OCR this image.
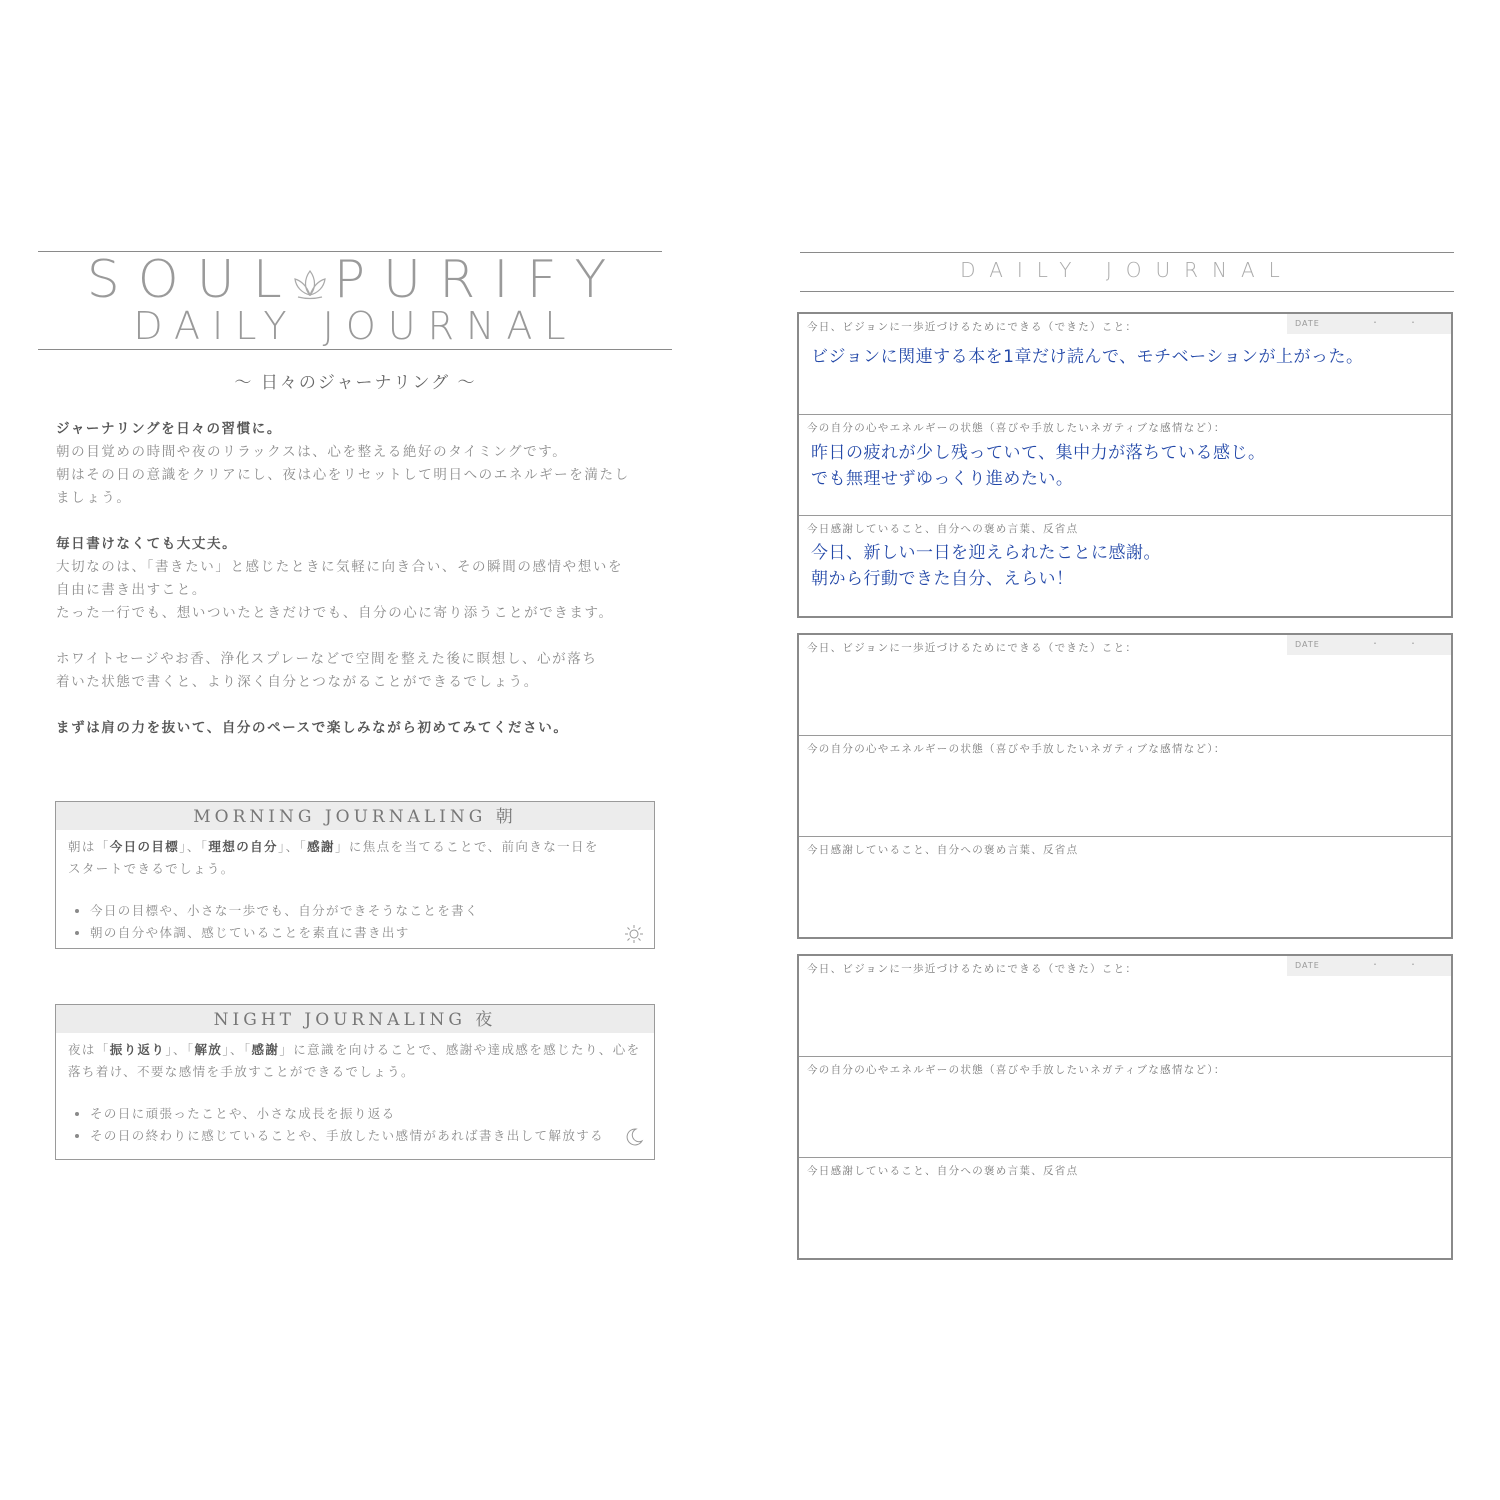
SOUL PURIFY
DAILY JOURNAL
～ 日々のジャーナリング ～

ジャーナリングを日々の習慣に。

朝の目覚めの時間や夜のリラックスは、心を整える絶好のタイミングです。

朝はその日の意識をクリアにし、夜は心をリセットして明日へのエネルギーを満たし

ましょう。

毎日書けなくても大丈夫。

大切なのは、「書きたい」と感じたときに気軽に向き合い、その瞬間の感情や想いを

自由に書き出すこと。

たった一行でも、想いついたときだけでも、自分の心に寄り添うことができます。

ホワイトセージやお香、浄化スプレーなどで空間を整えた後に瞑想し、心が落ち

着いた状態で書くと、より深く自分とつながることができるでしょう。

まずは肩の力を抜いて、自分のペースで楽しみながら初めてみてください。

MORNING JOURNALING 朝

朝は「今日の目標」、「理想の自分」、「感謝」に焦点を当てることで、前向きな一日を

スタートできるでしょう。

• 今日の目標や、小さな一歩でも、自分ができそうなことを書く
• 朝の自分や体調、感じていることを素直に書き出す
NIGHT JOURNALING 夜

夜は「振り返り」、「解放」、「感謝」に意識を向けることで、感謝や達成感を感じたり、心を

落ち着け、不要な感情を手放すことができるでしょう。

• その日に頑張ったことや、小さな成長を振り返る
• その日の終わりに感じていることや、手放したい感情があれば書き出して解放する
DAILY JOURNAL
今日、ビジョンに一歩近づけるためにできる（できた）こと：	DATE	・	・

ビジョンに関連する本を1章だけ読んで、モチベーションが上がった。

今の自分の心やエネルギーの状態（喜びや手放したいネガティブな感情など）：

昨日の疲れが少し残っていて、集中力が落ちている感じ。

でも無理せずゆっくり進めたい。

今日感謝していること、自分への褒め言葉、反省点

今日、新しい一日を迎えられたことに感謝。

朝から行動できた自分、えらい！

今日、ビジョンに一歩近づけるためにできる（できた）こと：	DATE	・	・
今の自分の心やエネルギーの状態（喜びや手放したいネガティブな感情など）：
今日感謝していること、自分への褒め言葉、反省点
今日、ビジョンに一歩近づけるためにできる（できた）こと：	DATE	・	・
今の自分の心やエネルギーの状態（喜びや手放したいネガティブな感情など）：
今日感謝していること、自分への褒め言葉、反省点
